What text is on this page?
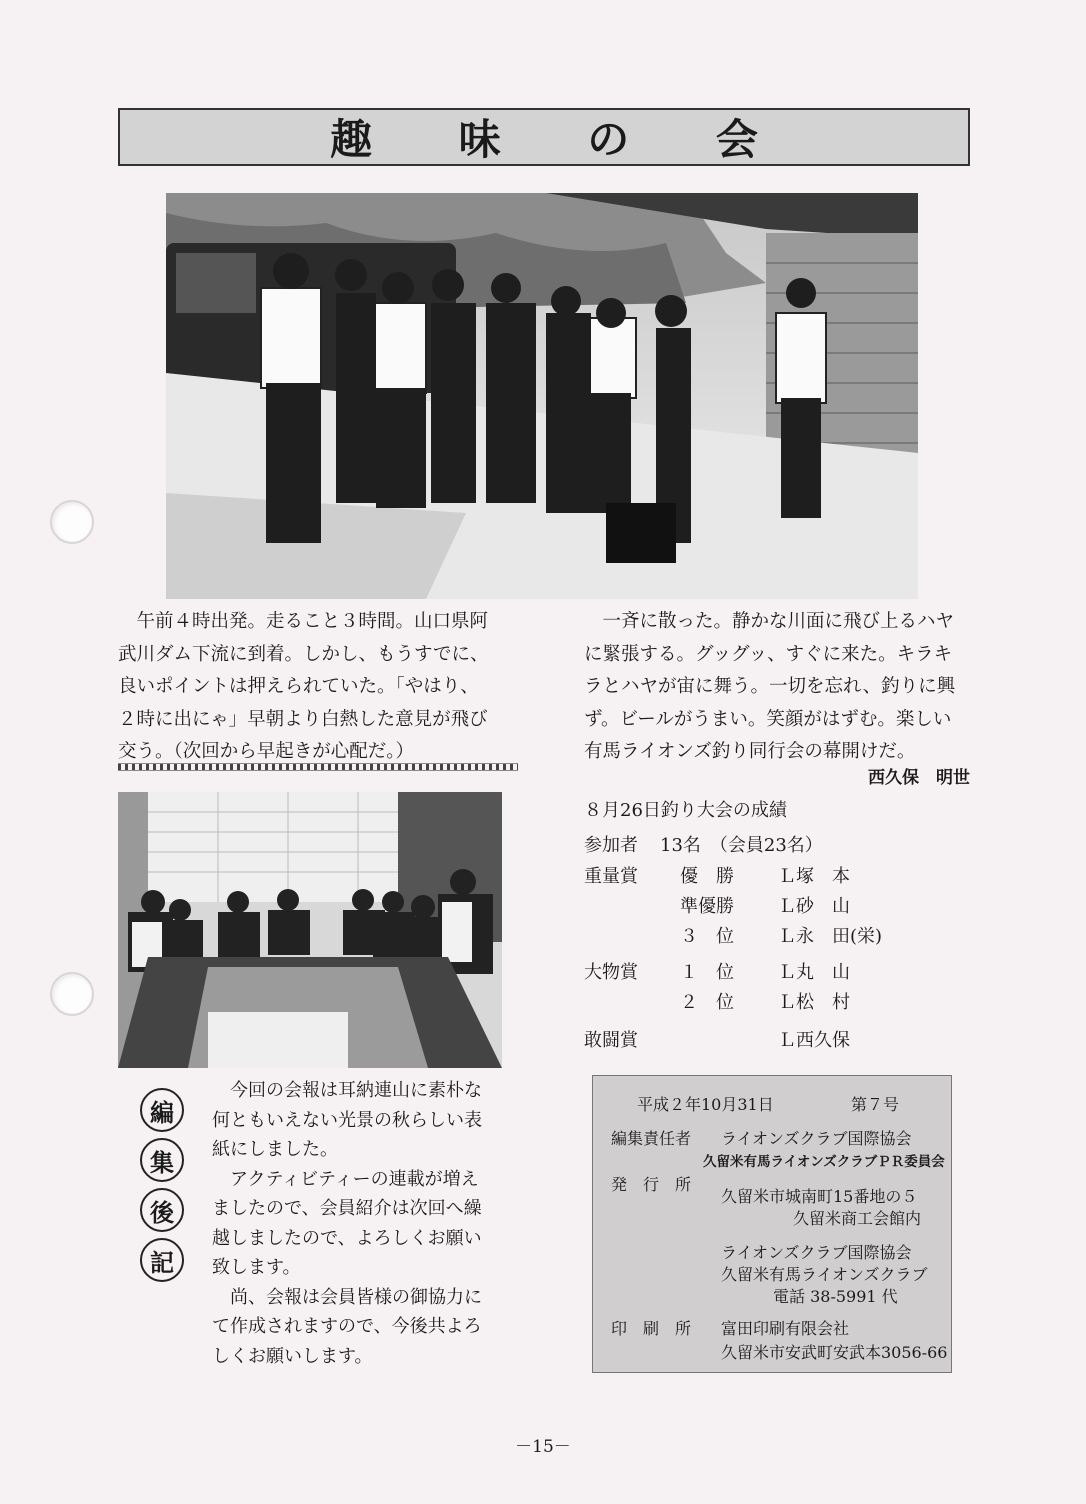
趣 味 の 会

午前４時出発。走ること３時間。山口県阿

武川ダム下流に到着。しかし、もうすでに、

良いポイントは押えられていた。「やはり、

２時に出にゃ」早朝より白熱した意見が飛び

交う。（次回から早起きが心配だ。）

一斉に散った。静かな川面に飛び上るハヤ

に緊張する。グッグッ、すぐに来た。キラキ

ラとハヤが宙に舞う。一切を忘れ、釣りに興

ず。ビールがうまい。笑顔がはずむ。楽しい

有馬ライオンズ釣り同行会の幕開けだ。

西久保　明世
８月26日釣り大会の成績
参加者 13名　（会員23名）
重量賞 優　勝 Ｌ塚　本
準優勝 Ｌ砂　山
３　位 Ｌ永　田(栄)
大物賞 １　位 Ｌ丸　山
２　位 Ｌ松　村
敢闘賞	Ｌ西久保
編
集
後
記

今回の会報は耳納連山に素朴な

何ともいえない光景の秋らしい表

紙にしました。

アクティビティーの連載が増え

ましたので、会員紹介は次回へ繰

越しましたので、よろしくお願い

致します。

尚、会報は会員皆様の御協力に

て作成されますので、今後共よろ

しくお願いします。

平成２年10月31日	第７号
編集責任者 ライオンズクラブ国際協会
久留米有馬ライオンズクラブＰＲ委員会
発　行　所
久留米市城南町15番地の５
久留米商工会館内
ライオンズクラブ国際協会
久留米有馬ライオンズクラブ
電話 38-5991 代
印　刷　所 富田印刷有限会社
久留米市安武町安武本3056-66
－15－
